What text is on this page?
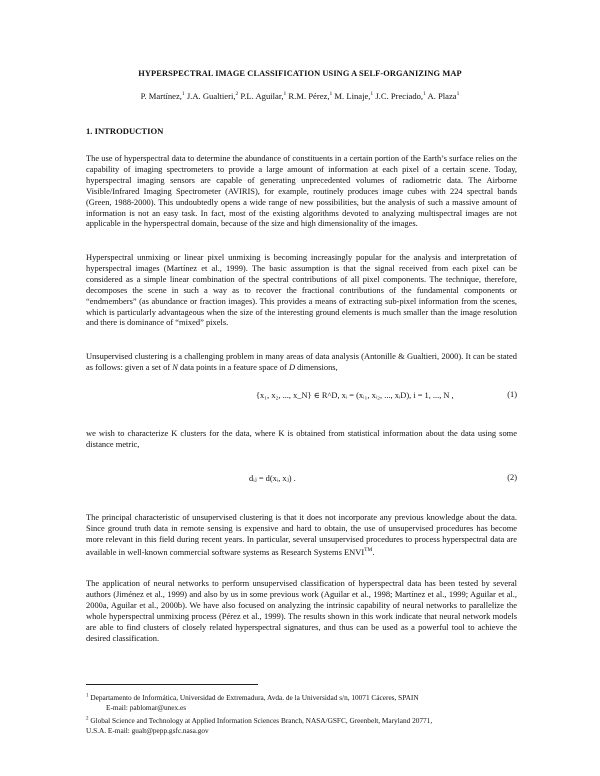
HYPERSPECTRAL IMAGE CLASSIFICATION USING A SELF-ORGANIZING MAP
P. Martínez,$^1$ J.A. Gualtieri,$^2$ P.L. Aguilar,$^1$ R.M. Pérez,$^1$ M. Linaje,$^1$ J.C. Preciado,$^1$ A. Plaza$^1$
1. INTRODUCTION

The use of hyperspectral data to determine the abundance of constituents in a certain portion of the Earth’s surface relies on the capability of imaging spectrometers to provide a large amount of information at each pixel of a certain scene. Today, hyperspectral imaging sensors are capable of generating unprecedented volumes of radiometric data. The Airborne Visible/Infrared Imaging Spectrometer (AVIRIS), for example, routinely produces image cubes with 224 spectral bands (Green, 1988-2000). This undoubtedly opens a wide range of new possibilities, but the analysis of such a massive amount of information is not an easy task. In fact, most of the existing algorithms devoted to analyzing multispectral images are not applicable in the hyperspectral domain, because of the size and high dimensionality of the images.

Hyperspectral unmixing or linear pixel unmixing is becoming increasingly popular for the analysis and interpretation of hyperspectral images (Martínez et al., 1999). The basic assumption is that the signal received from each pixel can be considered as a simple linear combination of the spectral contributions of all pixel components. The technique, therefore, decomposes the scene in such a way as to recover the fractional contributions of the fundamental components or “endmembers” (as abundance or fraction images). This provides a means of extracting sub-pixel information from the scenes, which is particularly advantageous when the size of the interesting ground elements is much smaller than the image resolution and there is dominance of “mixed” pixels.

Unsupervised clustering is a challenging problem in many areas of data analysis (Antonille & Gualtieri, 2000). It can be stated as follows: given a set of N data points in a feature space of D dimensions,

{x₁, x₂, ..., x_N} ∈ R^D, xᵢ = (xᵢ₁, xᵢ₂, ..., xᵢD), i = 1, ..., N ,	(1)

we wish to characterize K clusters for the data, where K is obtained from statistical information about the data using some distance metric,

dᵢⱼ = d(xᵢ, xⱼ) .	(2)

The principal characteristic of unsupervised clustering is that it does not incorporate any previous knowledge about the data. Since ground truth data in remote sensing is expensive and hard to obtain, the use of unsupervised procedures has become more relevant in this field during recent years. In particular, several unsupervised procedures to process hyperspectral data are available in well-known commercial software systems as Research Systems ENVI™.

The application of neural networks to perform unsupervised classification of hyperspectral data has been tested by several authors (Jiménez et al., 1999) and also by us in some previous work (Aguilar et al., 1998; Martínez et al., 1999; Aguilar et al., 2000a, Aguilar et al., 2000b). We have also focused on analyzing the intrinsic capability of neural networks to parallelize the whole hyperspectral unmixing process (Pérez et al., 1999). The results shown in this work indicate that neural network models are able to find clusters of closely related hyperspectral signatures, and thus can be used as a powerful tool to achieve the desired classification.

$^1$ Departamento de Informática, Universidad de Extremadura, Avda. de la Universidad s/n, 10071 Cáceres, SPAIN
E-mail: pablomar@unex.es

$^2$ Global Science and Technology at Applied Information Sciences Branch, NASA/GSFC, Greenbelt, Maryland 20771,
U.S.A. E-mail: gualt@pepp.gsfc.nasa.gov
